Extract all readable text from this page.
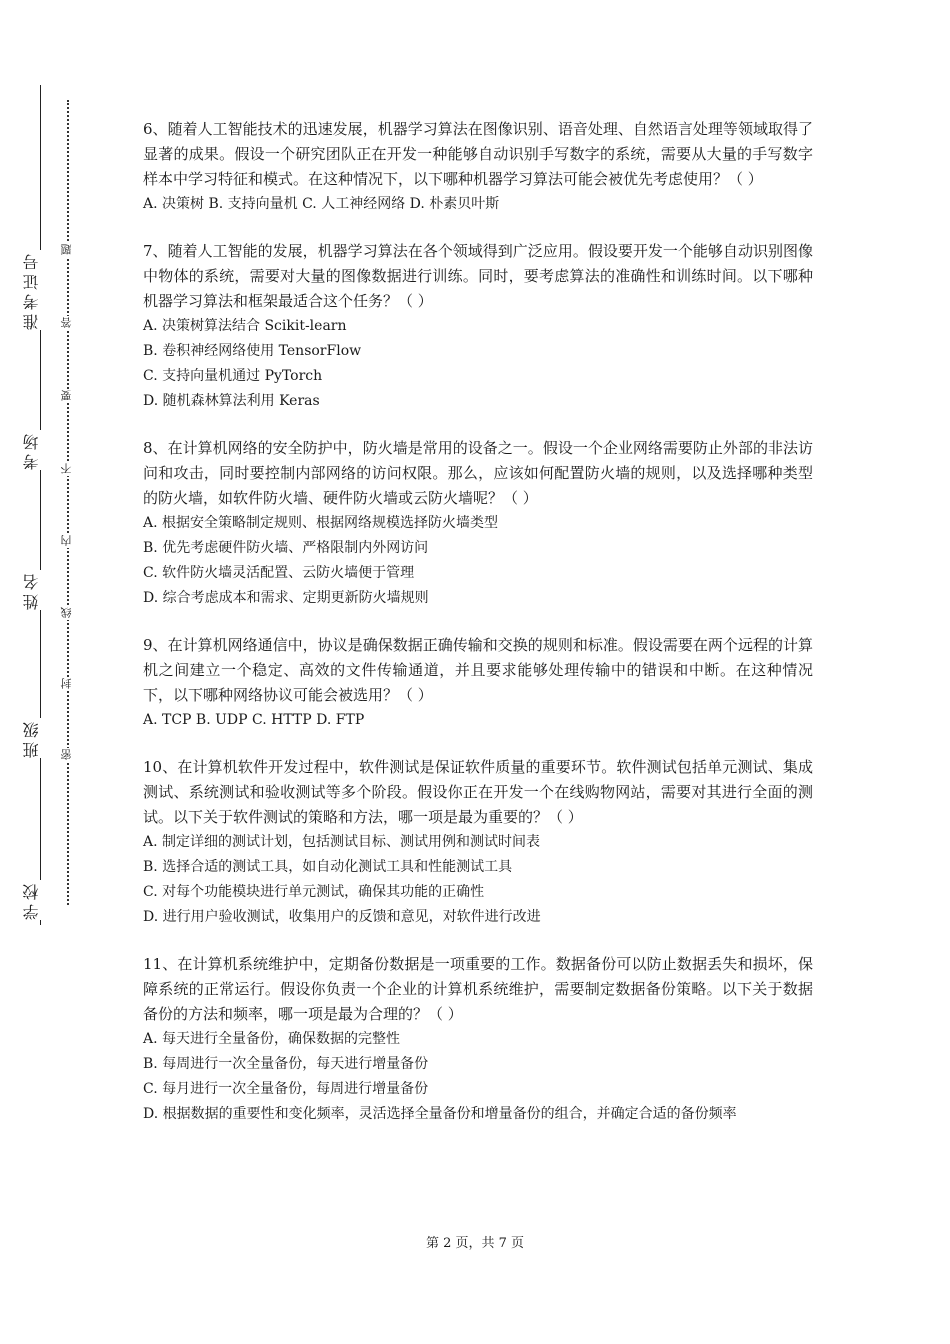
准考证号
考场
姓名
班级
学校
题
答
要
不
内
线
封
密

6、随着人工智能技术的迅速发展，机器学习算法在图像识别、语音处理、自然语言处理等领域取得了显著的成果。假设一个研究团队正在开发一种能够自动识别手写数字的系统，需要从大量的手写数字样本中学习特征和模式。在这种情况下，以下哪种机器学习算法可能会被优先考虑使用？（ ）

A. 决策树 B. 支持向量机 C. 人工神经网络 D. 朴素贝叶斯

7、随着人工智能的发展，机器学习算法在各个领域得到广泛应用。假设要开发一个能够自动识别图像中物体的系统，需要对大量的图像数据进行训练。同时，要考虑算法的准确性和训练时间。以下哪种机器学习算法和框架最适合这个任务？（ ）

A. 决策树算法结合 Scikit-learn

B. 卷积神经网络使用 TensorFlow

C. 支持向量机通过 PyTorch

D. 随机森林算法利用 Keras

8、在计算机网络的安全防护中，防火墙是常用的设备之一。假设一个企业网络需要防止外部的非法访问和攻击，同时要控制内部网络的访问权限。那么，应该如何配置防火墙的规则，以及选择哪种类型的防火墙，如软件防火墙、硬件防火墙或云防火墙呢？（ ）

A. 根据安全策略制定规则、根据网络规模选择防火墙类型

B. 优先考虑硬件防火墙、严格限制内外网访问

C. 软件防火墙灵活配置、云防火墙便于管理

D. 综合考虑成本和需求、定期更新防火墙规则

9、在计算机网络通信中，协议是确保数据正确传输和交换的规则和标准。假设需要在两个远程的计算机之间建立一个稳定、高效的文件传输通道，并且要求能够处理传输中的错误和中断。在这种情况下，以下哪种网络协议可能会被选用？（ ）

A. TCP B. UDP C. HTTP D. FTP

10、在计算机软件开发过程中，软件测试是保证软件质量的重要环节。软件测试包括单元测试、集成测试、系统测试和验收测试等多个阶段。假设你正在开发一个在线购物网站，需要对其进行全面的测试。以下关于软件测试的策略和方法，哪一项是最为重要的？（ ）

A. 制定详细的测试计划，包括测试目标、测试用例和测试时间表

B. 选择合适的测试工具，如自动化测试工具和性能测试工具

C. 对每个功能模块进行单元测试，确保其功能的正确性

D. 进行用户验收测试，收集用户的反馈和意见，对软件进行改进

11、在计算机系统维护中，定期备份数据是一项重要的工作。数据备份可以防止数据丢失和损坏，保障系统的正常运行。假设你负责一个企业的计算机系统维护，需要制定数据备份策略。以下关于数据备份的方法和频率，哪一项是最为合理的？（ ）

A. 每天进行全量备份，确保数据的完整性

B. 每周进行一次全量备份，每天进行增量备份

C. 每月进行一次全量备份，每周进行增量备份

D. 根据数据的重要性和变化频率，灵活选择全量备份和增量备份的组合，并确定合适的备份频率

第 2 页，共 7 页
